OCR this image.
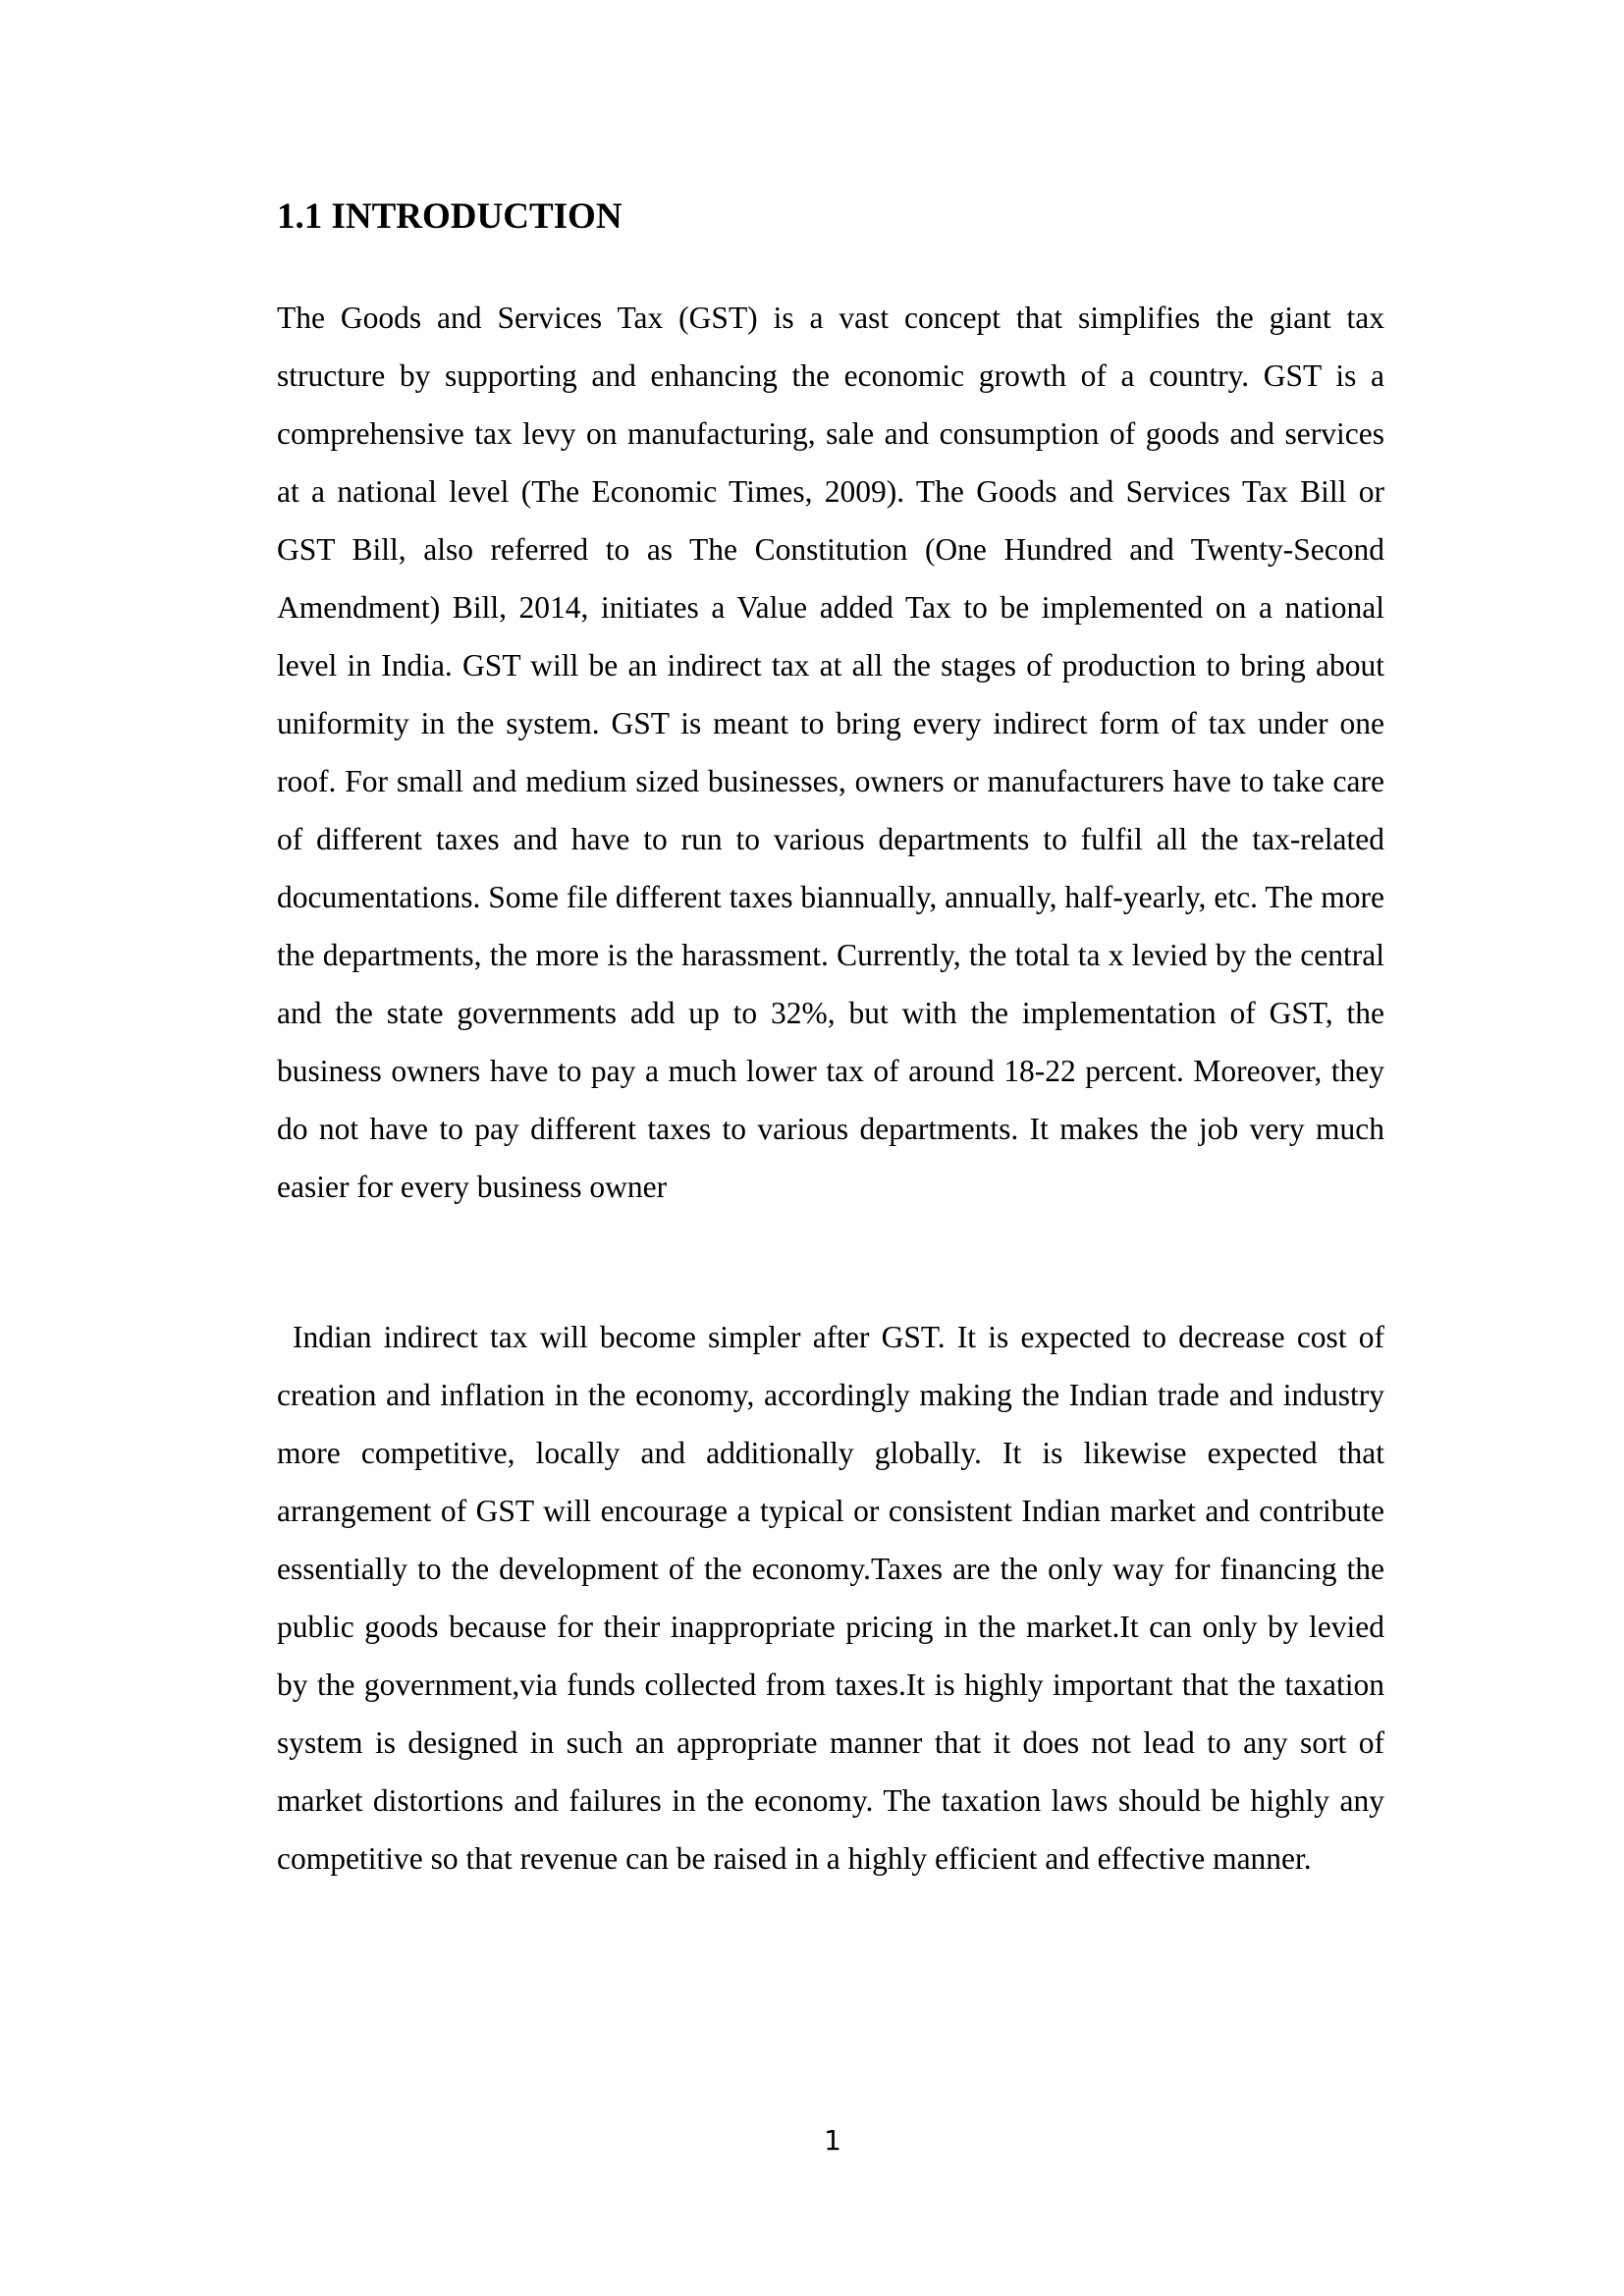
1.1 INTRODUCTION

The Goods and Services Tax (GST) is a vast concept that simplifies the giant tax structure by supporting and enhancing the economic growth of a country. GST is a comprehensive tax levy on manufacturing, sale and consumption of goods and services at a national level (The Economic Times, 2009). The Goods and Services Tax Bill or GST Bill, also referred to as The Constitution (One Hundred and Twenty-Second Amendment) Bill, 2014, initiates a Value added Tax to be implemented on a national level in India. GST will be an indirect tax at all the stages of production to bring about uniformity in the system. GST is meant to bring every indirect form of tax under one roof. For small and medium sized businesses, owners or manufacturers have to take care of different taxes and have to run to various departments to fulfil all the tax-related documentations. Some file different taxes biannually, annually, half-yearly, etc. The more the departments, the more is the harassment. Currently, the total ta x levied by the central and the state governments add up to 32%, but with the implementation of GST, the business owners have to pay a much lower tax of around 18-22 percent. Moreover, they do not have to pay different taxes to various departments. It makes the job very much easier for every business owner

Indian indirect tax will become simpler after GST. It is expected to decrease cost of creation and inflation in the economy, accordingly making the Indian trade and industry more competitive, locally and additionally globally. It is likewise expected that arrangement of GST will encourage a typical or consistent Indian market and contribute essentially to the development of the economy.Taxes are the only way for financing the public goods because for their inappropriate pricing in the market.It can only by levied by the government,via funds collected from taxes.It is highly important that the taxation system is designed in such an appropriate manner that it does not lead to any sort of market distortions and failures in the economy. The taxation laws should be highly any competitive so that revenue can be raised in a highly efficient and effective manner.

1
